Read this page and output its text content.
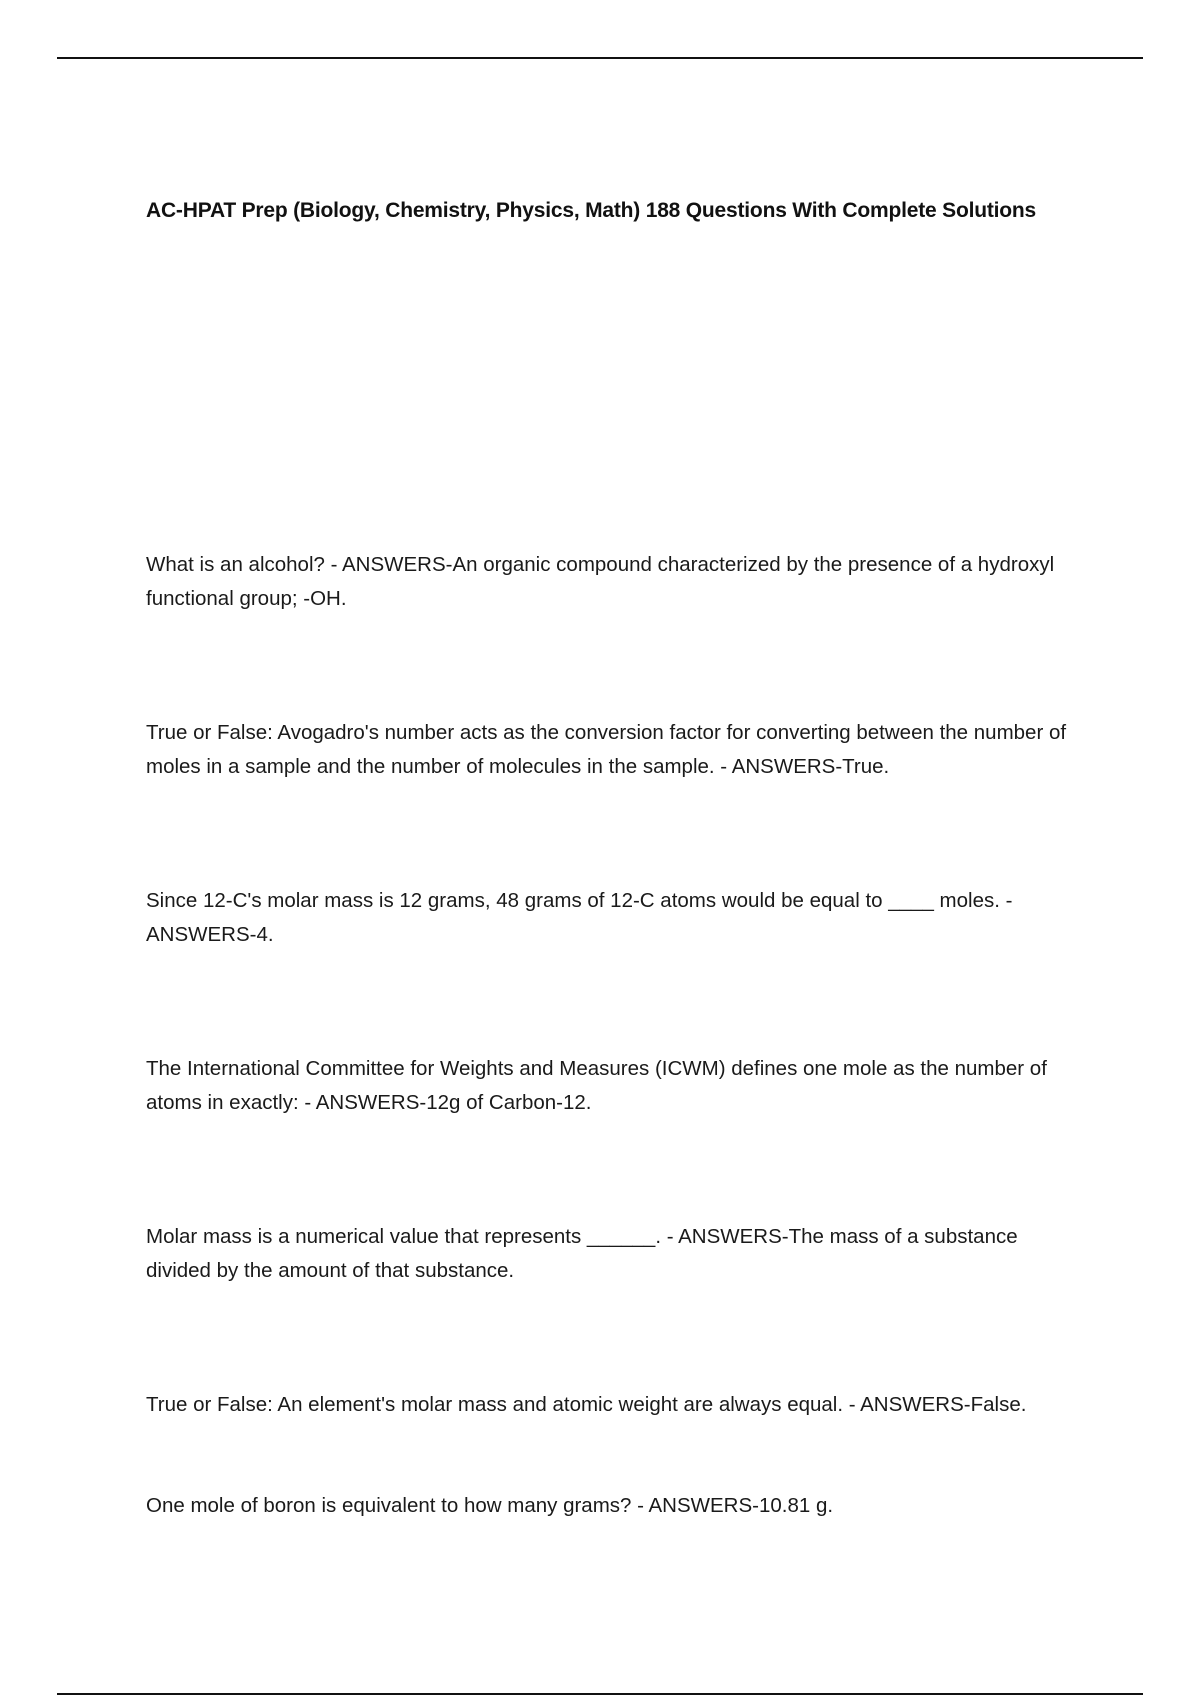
AC-HPAT Prep (Biology, Chemistry, Physics, Math) 188 Questions With Complete Solutions
What is an alcohol? - ANSWERS-An organic compound characterized by the presence of a hydroxyl functional group; -OH.
True or False: Avogadro's number acts as the conversion factor for converting between the number of moles in a sample and the number of molecules in the sample. - ANSWERS-True.
Since 12-C's molar mass is 12 grams, 48 grams of 12-C atoms would be equal to ____ moles. - ANSWERS-4.
The International Committee for Weights and Measures (ICWM) defines one mole as the number of atoms in exactly: - ANSWERS-12g of Carbon-12.
Molar mass is a numerical value that represents ______. - ANSWERS-The mass of a substance divided by the amount of that substance.
True or False: An element's molar mass and atomic weight are always equal. - ANSWERS-False.
One mole of boron is equivalent to how many grams? - ANSWERS-10.81 g.
